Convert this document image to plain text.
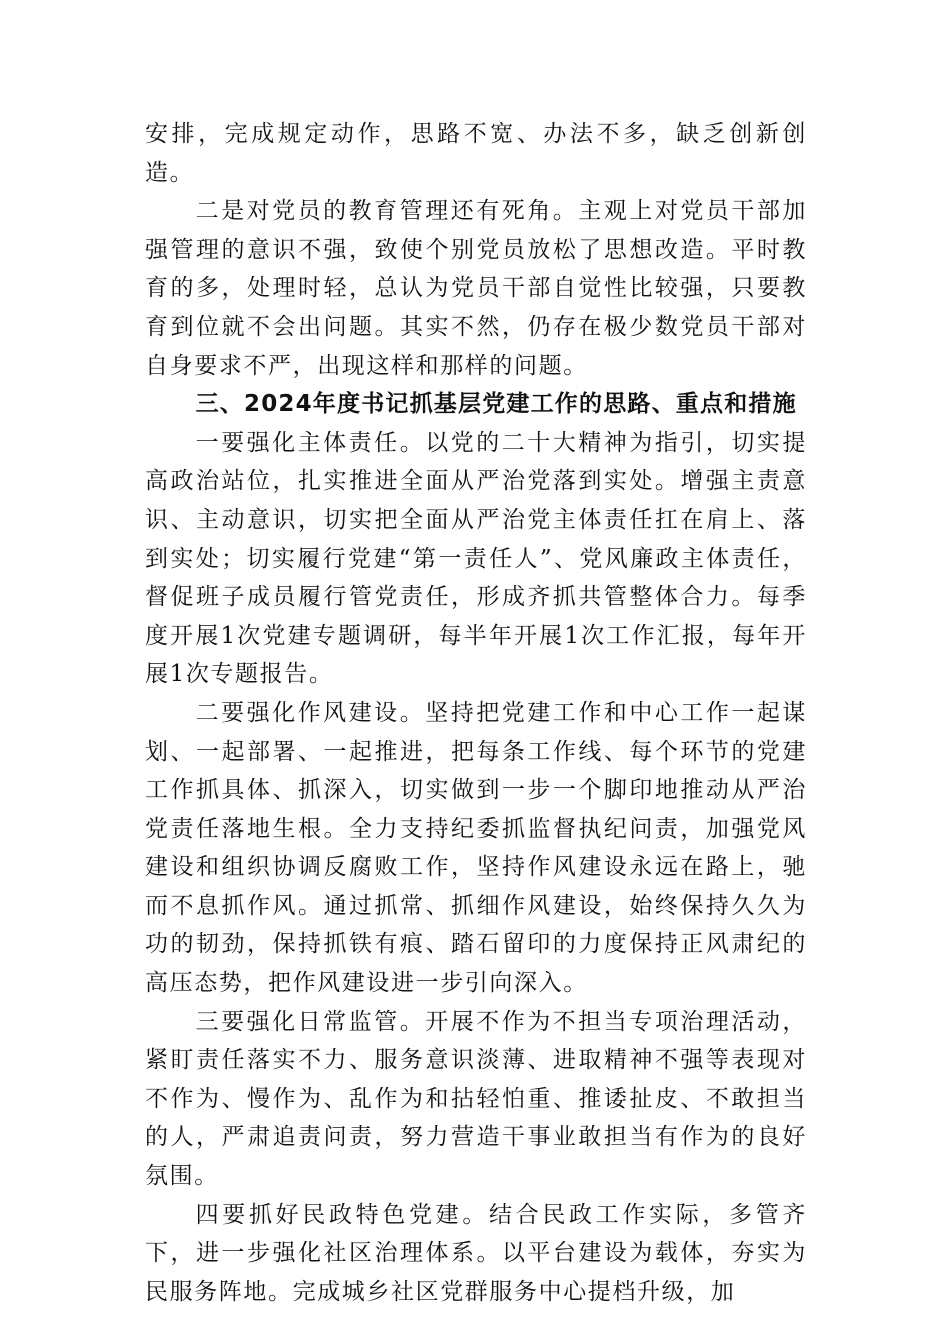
安排，完成规定动作，思路不宽、办法不多，缺乏创新创造。

二是对党员的教育管理还有死角。主观上对党员干部加强管理的意识不强，致使个别党员放松了思想改造。平时教育的多，处理时轻，总认为党员干部自觉性比较强，只要教育到位就不会出问题。其实不然，仍存在极少数党员干部对自身要求不严，出现这样和那样的问题。

三、2024年度书记抓基层党建工作的思路、重点和措施

一要强化主体责任。以党的二十大精神为指引，切实提高政治站位，扎实推进全面从严治党落到实处。增强主责意识、主动意识，切实把全面从严治党主体责任扛在肩上、落到实处；切实履行党建“第一责任人”、党风廉政主体责任，督促班子成员履行管党责任，形成齐抓共管整体合力。每季度开展1次党建专题调研，每半年开展1次工作汇报，每年开展1次专题报告。

二要强化作风建设。坚持把党建工作和中心工作一起谋划、一起部署、一起推进，把每条工作线、每个环节的党建工作抓具体、抓深入，切实做到一步一个脚印地推动从严治党责任落地生根。全力支持纪委抓监督执纪问责，加强党风建设和组织协调反腐败工作，坚持作风建设永远在路上，驰而不息抓作风。通过抓常、抓细作风建设，始终保持久久为功的韧劲，保持抓铁有痕、踏石留印的力度保持正风肃纪的高压态势，把作风建设进一步引向深入。

三要强化日常监管。开展不作为不担当专项治理活动，紧盯责任落实不力、服务意识淡薄、进取精神不强等表现对不作为、慢作为、乱作为和拈轻怕重、推诿扯皮、不敢担当的人，严肃追责问责，努力营造干事业敢担当有作为的良好氛围。

四要抓好民政特色党建。结合民政工作实际，多管齐下，进一步强化社区治理体系。以平台建设为载体，夯实为民服务阵地。完成城乡社区党群服务中心提档升级，加
